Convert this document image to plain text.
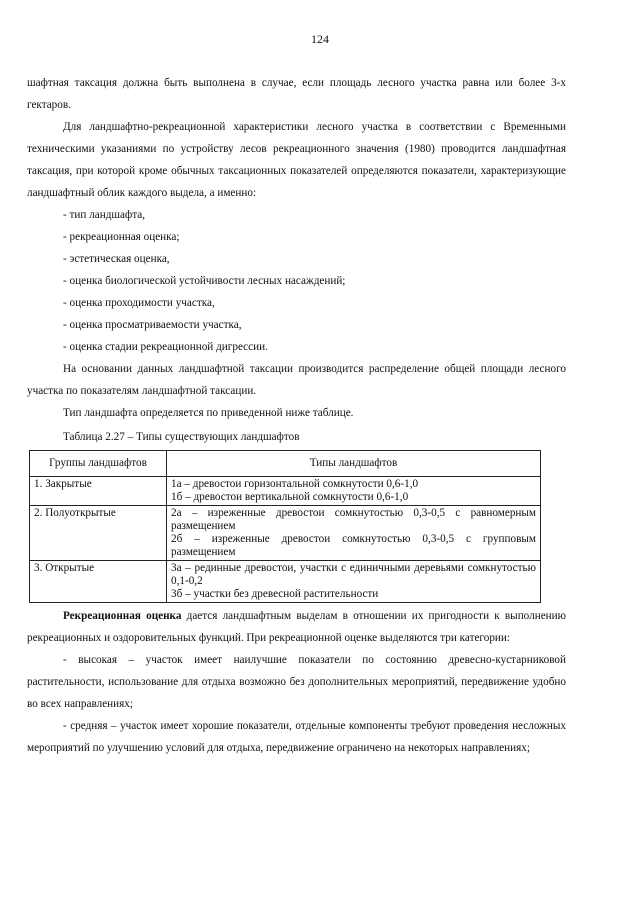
124

шафтная таксация должна быть выполнена в случае, если площадь лесного участка равна или более 3-х гектаров.

Для ландшафтно-рекреационной характеристики лесного участка в соответствии с Временными техническими указаниями по устройству лесов рекреационного значения (1980) проводится ландшафтная таксация, при которой кроме обычных таксационных показателей определяются показатели, характеризующие ландшафтный облик каждого выдела, а именно:

- тип ландшафта,

- рекреационная оценка;

- эстетическая оценка,

- оценка биологической устойчивости лесных насаждений;

- оценка проходимости участка,

- оценка просматриваемости участка,

- оценка стадии рекреационной дигрессии.

На основании данных ландшафтной таксации производится распределение общей площади лесного участка по показателям ландшафтной таксации.

Тип ландшафта определяется по приведенной ниже таблице.

Таблица 2.27 – Типы существующих ландшафтов

Группы ландшафтов	Типы ландшафтов
1. Закрытые	1а – древостои горизонтальной сомкнутости 0,6-1,0
1б – древостои вертикальной сомкнутости 0,6-1,0

2. Полуоткрытые	2а – изреженные древостои сомкнутостью 0,3-0,5 с равномерным размещением
2б – изреженные древостои сомкнутостью 0,3-0,5 с групповым размещением

3. Открытые	3а – рединные древостои, участки с единичными деревьями сомкнутостью 0,1-0,2
3б – участки без древесной растительности

Рекреационная оценка дается ландшафтным выделам в отношении их пригодности к выполнению рекреационных и оздоровительных функций. При рекреационной оценке выделяются три категории:

- высокая – участок имеет наилучшие показатели по состоянию древесно-кустарниковой растительности, использование для отдыха возможно без дополнительных мероприятий, передвижение удобно во всех направлениях;

- средняя – участок имеет хорошие показатели, отдельные компоненты требуют проведения несложных мероприятий по улучшению условий для отдыха, передвижение ограничено на некоторых направлениях;
